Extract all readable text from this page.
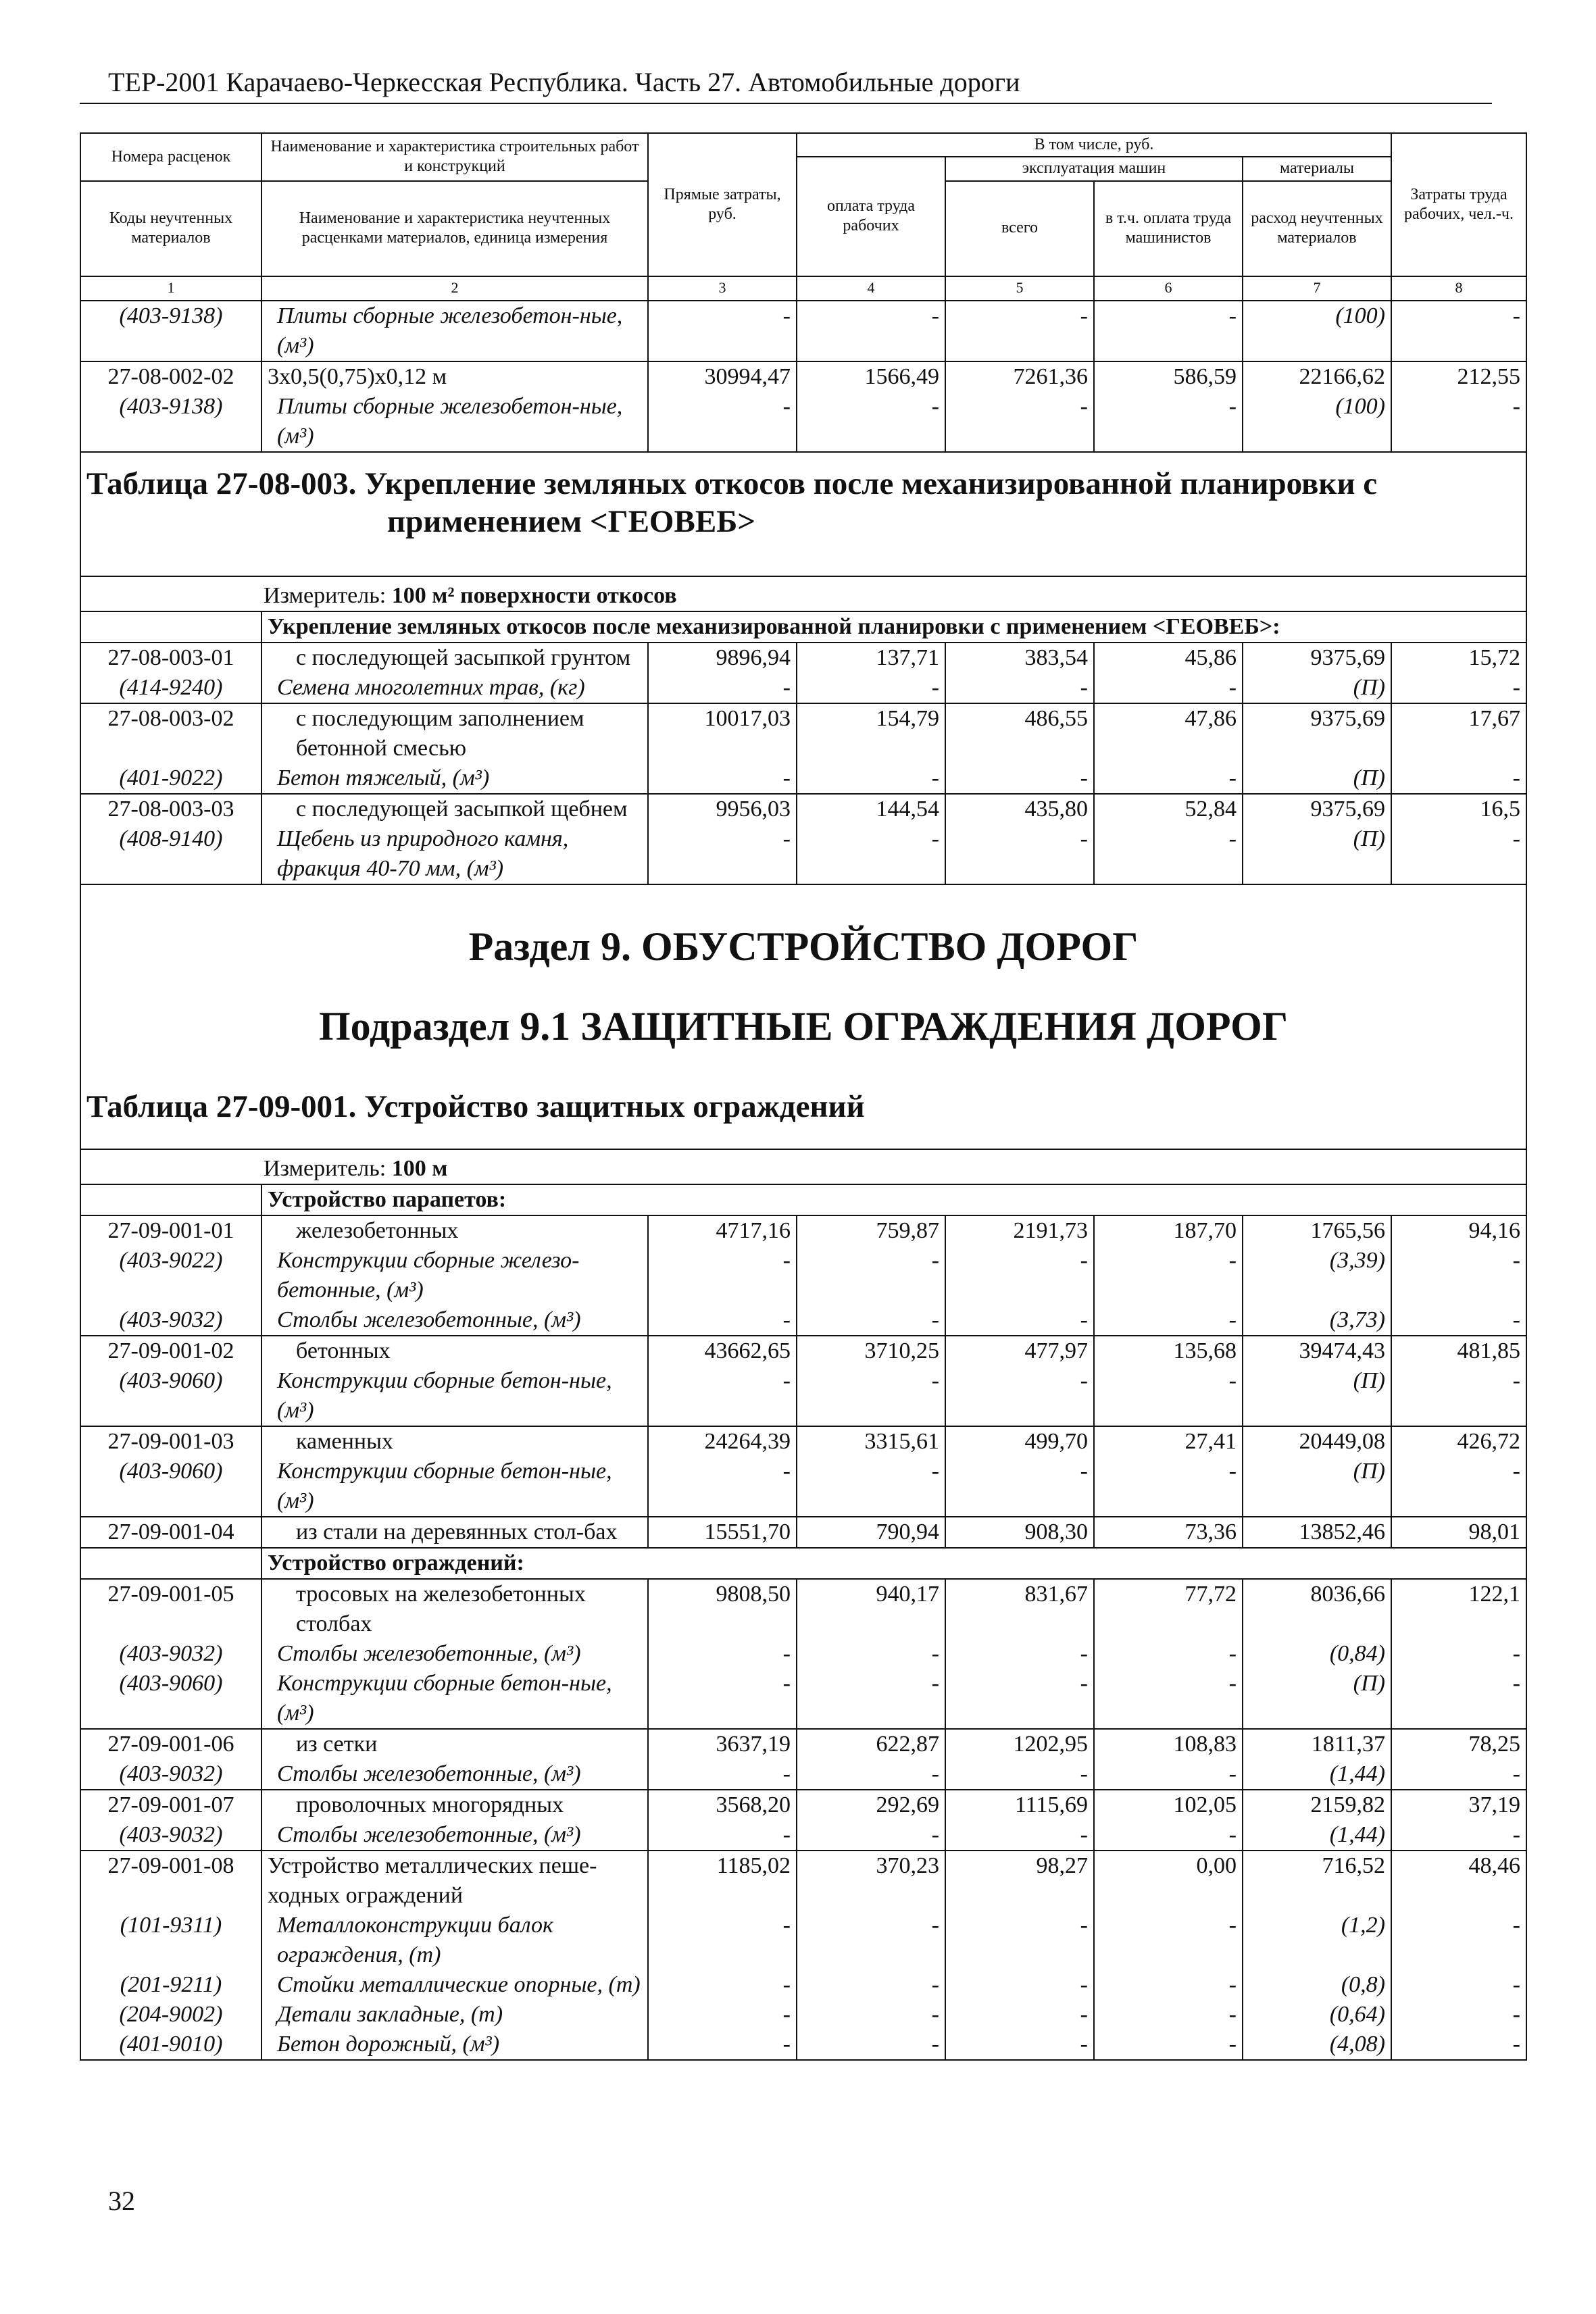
ТЕР-2001 Карачаево-Черкесская Республика. Часть 27. Автомобильные дороги
Номера расценок	Наименование и характеристика строительных работ и конструкций	Прямые затраты, руб.	В том числе, руб.				Затраты труда рабочих, чел.-ч.
			оплата труда рабочих	эксплуатация машин		материалы	
Коды неучтенных материалов	Наименование и характеристика неучтенных расценками материалов, единица измерения			всего	в т.ч. оплата труда машинистов	расход неучтенных материалов	

1	2	3	4	5	6	7	8
(403-9138)	Плиты сборные железобетон-ные, (м³)	-	-	-	-	(100)	-
27-08-002-02	3х0,5(0,75)х0,12 м	30994,47	1566,49	7261,36	586,59	22166,62	212,55
(403-9138)	Плиты сборные железобетон-ные, (м³)	-	-	-	-	(100)	-

Таблица 27-08-003. Укрепление земляных откосов после механизированной планировки с
применением <ГЕОВЕБ>							

Измеритель: 100 м² поверхности откосов							
	Укрепление земляных откосов после механизированной планировки с применением <ГЕОВЕБ>:						
27-08-003-01	с последующей засыпкой грунтом	9896,94	137,71	383,54	45,86	9375,69	15,72
(414-9240)	Семена многолетних трав, (кг)	-	-	-	-	(П)	-
27-08-003-02	с последующим заполнением бетонной смесью	10017,03	154,79	486,55	47,86	9375,69	17,67
(401-9022)	Бетон тяжелый, (м³)	-	-	-	-	(П)	-
27-08-003-03	с последующей засыпкой щебнем	9956,03	144,54	435,80	52,84	9375,69	16,5
(408-9140)	Щебень из природного камня, фракция 40-70 мм, (м³)	-	-	-	-	(П)	-

Раздел 9. ОБУСТРОЙСТВО ДОРОГ
Подраздел 9.1 ЗАЩИТНЫЕ ОГРАЖДЕНИЯ ДОРОГ							

Таблица 27-09-001. Устройство защитных ограждений							

Измеритель: 100 м							
	Устройство парапетов:						
27-09-001-01	железобетонных	4717,16	759,87	2191,73	187,70	1765,56	94,16
(403-9022)	Конструкции сборные железо-бетонные, (м³)	-	-	-	-	(3,39)	-
(403-9032)	Столбы железобетонные, (м³)	-	-	-	-	(3,73)	-
27-09-001-02	бетонных	43662,65	3710,25	477,97	135,68	39474,43	481,85
(403-9060)	Конструкции сборные бетон-ные, (м³)	-	-	-	-	(П)	-
27-09-001-03	каменных	24264,39	3315,61	499,70	27,41	20449,08	426,72
(403-9060)	Конструкции сборные бетон-ные, (м³)	-	-	-	-	(П)	-
27-09-001-04	из стали на деревянных стол-бах	15551,70	790,94	908,30	73,36	13852,46	98,01
	Устройство ограждений:						
27-09-001-05	тросовых на железобетонных столбах	9808,50	940,17	831,67	77,72	8036,66	122,1
(403-9032)	Столбы железобетонные, (м³)	-	-	-	-	(0,84)	-
(403-9060)	Конструкции сборные бетон-ные, (м³)	-	-	-	-	(П)	-
27-09-001-06	из сетки	3637,19	622,87	1202,95	108,83	1811,37	78,25
(403-9032)	Столбы железобетонные, (м³)	-	-	-	-	(1,44)	-
27-09-001-07	проволочных многорядных	3568,20	292,69	1115,69	102,05	2159,82	37,19
(403-9032)	Столбы железобетонные, (м³)	-	-	-	-	(1,44)	-
27-09-001-08	Устройство металлических пеше-ходных ограждений	1185,02	370,23	98,27	0,00	716,52	48,46
(101-9311)	Металлоконструкции балок ограждения, (т)	-	-	-	-	(1,2)	-
(201-9211)	Стойки металлические опорные, (т)	-	-	-	-	(0,8)	-
(204-9002)	Детали закладные, (т)	-	-	-	-	(0,64)	-
(401-9010)	Бетон дорожный, (м³)	-	-	-	-	(4,08)	-
32
